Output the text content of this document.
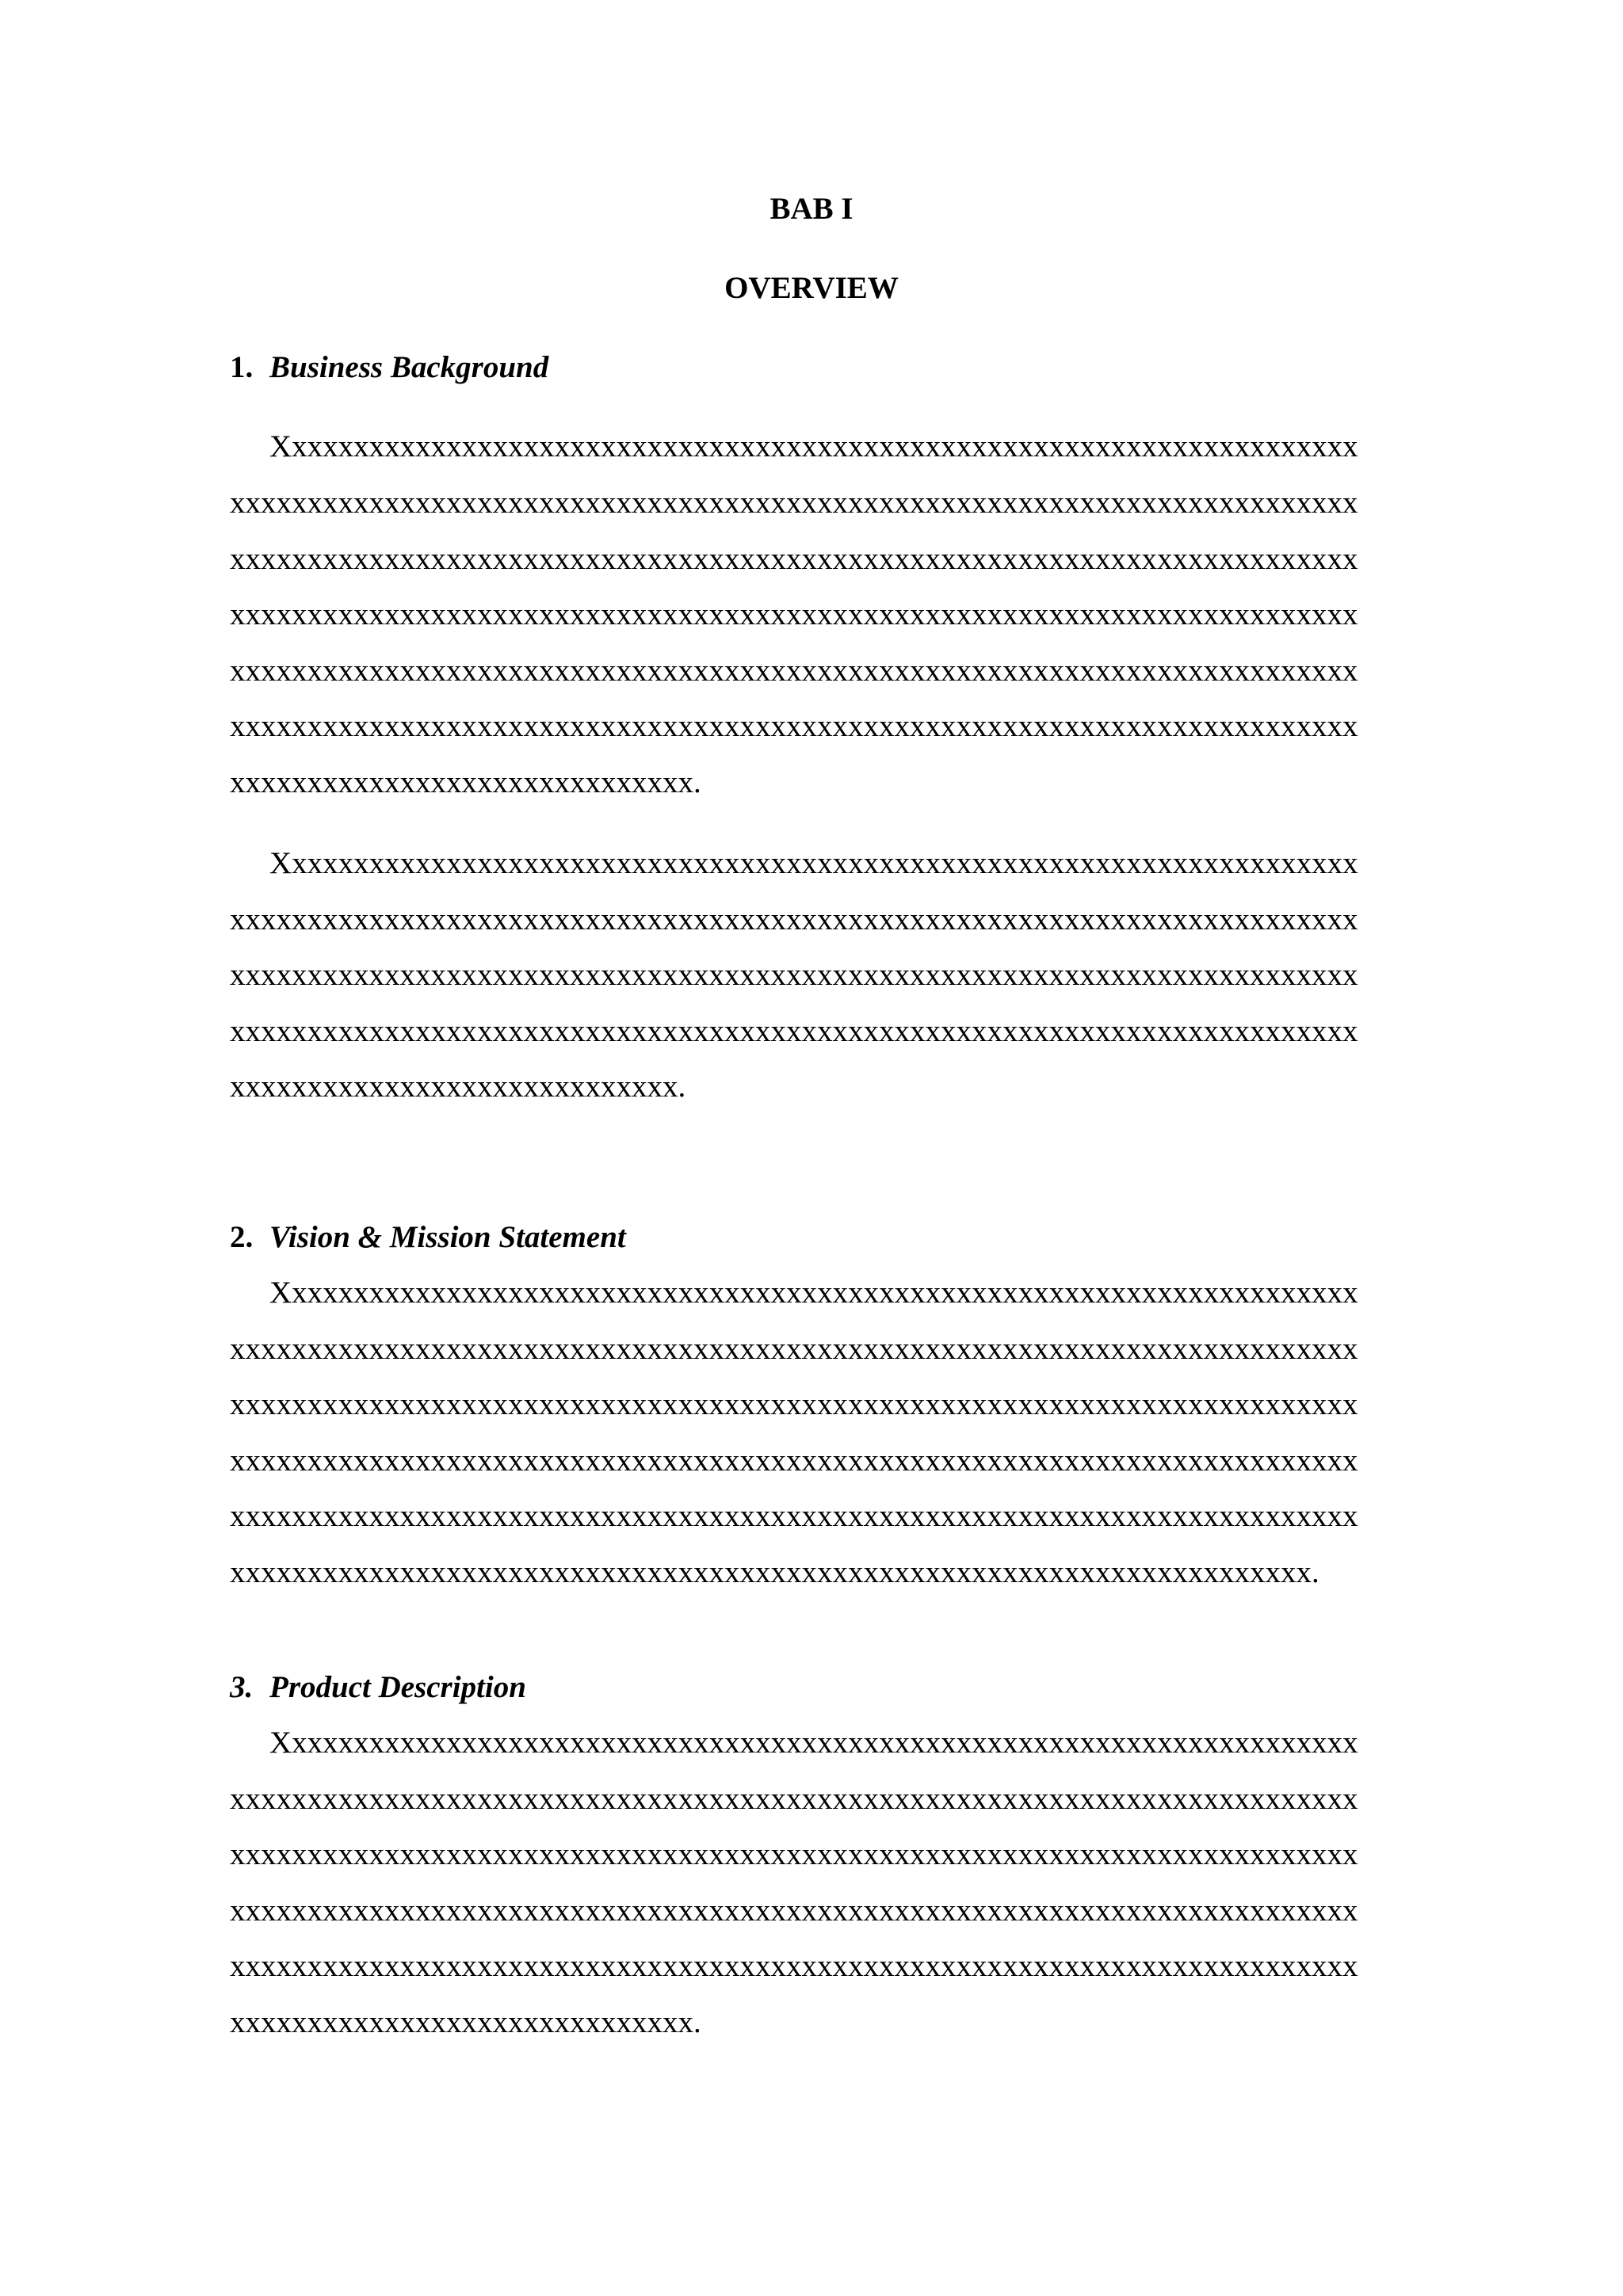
BAB I
OVERVIEW
1. Business Background

Xxxxxxxxxxxxxxxxxxxxxxxxxxxxxxxxxxxxxxxxxxxxxxxxxxxxxxxxxxxxxxxxxxxxxx

xxxxxxxxxxxxxxxxxxxxxxxxxxxxxxxxxxxxxxxxxxxxxxxxxxxxxxxxxxxxxxxxxxxxxxxxx

xxxxxxxxxxxxxxxxxxxxxxxxxxxxxxxxxxxxxxxxxxxxxxxxxxxxxxxxxxxxxxxxxxxxxxxxx

xxxxxxxxxxxxxxxxxxxxxxxxxxxxxxxxxxxxxxxxxxxxxxxxxxxxxxxxxxxxxxxxxxxxxxxxx

xxxxxxxxxxxxxxxxxxxxxxxxxxxxxxxxxxxxxxxxxxxxxxxxxxxxxxxxxxxxxxxxxxxxxxxxx

xxxxxxxxxxxxxxxxxxxxxxxxxxxxxxxxxxxxxxxxxxxxxxxxxxxxxxxxxxxxxxxxxxxxxxxxx

xxxxxxxxxxxxxxxxxxxxxxxxxxxxxx.

Xxxxxxxxxxxxxxxxxxxxxxxxxxxxxxxxxxxxxxxxxxxxxxxxxxxxxxxxxxxxxxxxxxxxxx

xxxxxxxxxxxxxxxxxxxxxxxxxxxxxxxxxxxxxxxxxxxxxxxxxxxxxxxxxxxxxxxxxxxxxxxxx

xxxxxxxxxxxxxxxxxxxxxxxxxxxxxxxxxxxxxxxxxxxxxxxxxxxxxxxxxxxxxxxxxxxxxxxxx

xxxxxxxxxxxxxxxxxxxxxxxxxxxxxxxxxxxxxxxxxxxxxxxxxxxxxxxxxxxxxxxxxxxxxxxxx

xxxxxxxxxxxxxxxxxxxxxxxxxxxxx.

2. Vision & Mission Statement

Xxxxxxxxxxxxxxxxxxxxxxxxxxxxxxxxxxxxxxxxxxxxxxxxxxxxxxxxxxxxxxxxxxxxxx

xxxxxxxxxxxxxxxxxxxxxxxxxxxxxxxxxxxxxxxxxxxxxxxxxxxxxxxxxxxxxxxxxxxxxxxxx

xxxxxxxxxxxxxxxxxxxxxxxxxxxxxxxxxxxxxxxxxxxxxxxxxxxxxxxxxxxxxxxxxxxxxxxxx

xxxxxxxxxxxxxxxxxxxxxxxxxxxxxxxxxxxxxxxxxxxxxxxxxxxxxxxxxxxxxxxxxxxxxxxxx

xxxxxxxxxxxxxxxxxxxxxxxxxxxxxxxxxxxxxxxxxxxxxxxxxxxxxxxxxxxxxxxxxxxxxxxxx

xxxxxxxxxxxxxxxxxxxxxxxxxxxxxxxxxxxxxxxxxxxxxxxxxxxxxxxxxxxxxxxxxxxxxx.

3. Product Description

Xxxxxxxxxxxxxxxxxxxxxxxxxxxxxxxxxxxxxxxxxxxxxxxxxxxxxxxxxxxxxxxxxxxxxx

xxxxxxxxxxxxxxxxxxxxxxxxxxxxxxxxxxxxxxxxxxxxxxxxxxxxxxxxxxxxxxxxxxxxxxxxx

xxxxxxxxxxxxxxxxxxxxxxxxxxxxxxxxxxxxxxxxxxxxxxxxxxxxxxxxxxxxxxxxxxxxxxxxx

xxxxxxxxxxxxxxxxxxxxxxxxxxxxxxxxxxxxxxxxxxxxxxxxxxxxxxxxxxxxxxxxxxxxxxxxx

xxxxxxxxxxxxxxxxxxxxxxxxxxxxxxxxxxxxxxxxxxxxxxxxxxxxxxxxxxxxxxxxxxxxxxxxx

xxxxxxxxxxxxxxxxxxxxxxxxxxxxxx.
